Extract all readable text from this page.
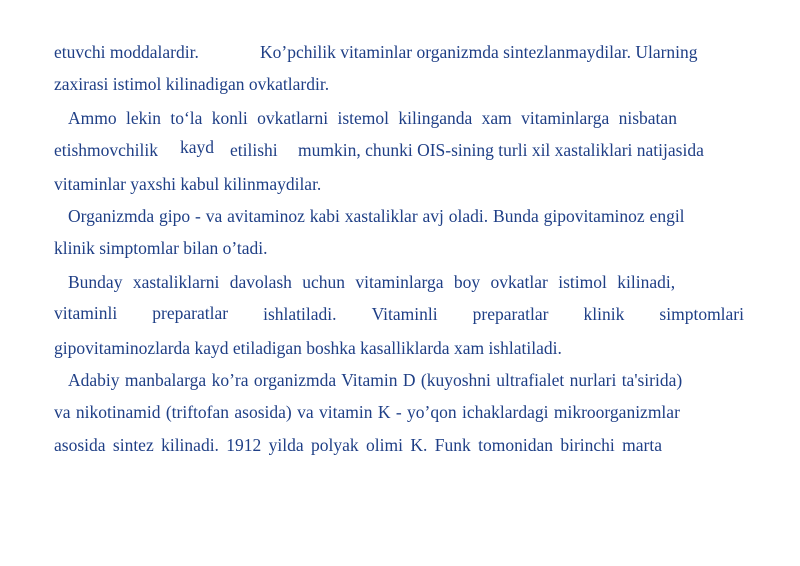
etuvchi moddalardir.	Ko’pchilik vitaminlar organizmda sintezlanmaydilar. Ularning
zaxirasi istimol kilinadigan ovkatlardir.
Ammo lekin to‘la konli ovkatlarni istemol kilinganda xam vitaminlarga nisbatan
etishmovchilik kayd etilishi mumkin, chunki OIS-sining turli xil xastaliklari natijasida
vitaminlar yaxshi kabul kilinmaydilar.
Organizmda gipo - va avitaminoz kabi xastaliklar avj oladi. Bunda gipovitaminoz engil
klinik simptomlar bilan o’tadi.
Bunday xastaliklarni davolash uchun vitaminlarga boy ovkatlar istimol kilinadi,
vitaminli preparatlar ishlatiladi. Vitaminli preparatlar klinik simptomlari
gipovitaminozlarda kayd etiladigan boshka kasalliklarda xam ishlatiladi.
Adabiy manbalarga ko’ra organizmda Vitamin D (kuyoshni ultrafialet nurlari ta'sirida)
va nikotinamid (triftofan asosida) va vitamin K - yo’qon ichaklardagi mikroorganizmlar
asosida sintez kilinadi. 1912 yilda polyak olimi K. Funk tomonidan birinchi marta
